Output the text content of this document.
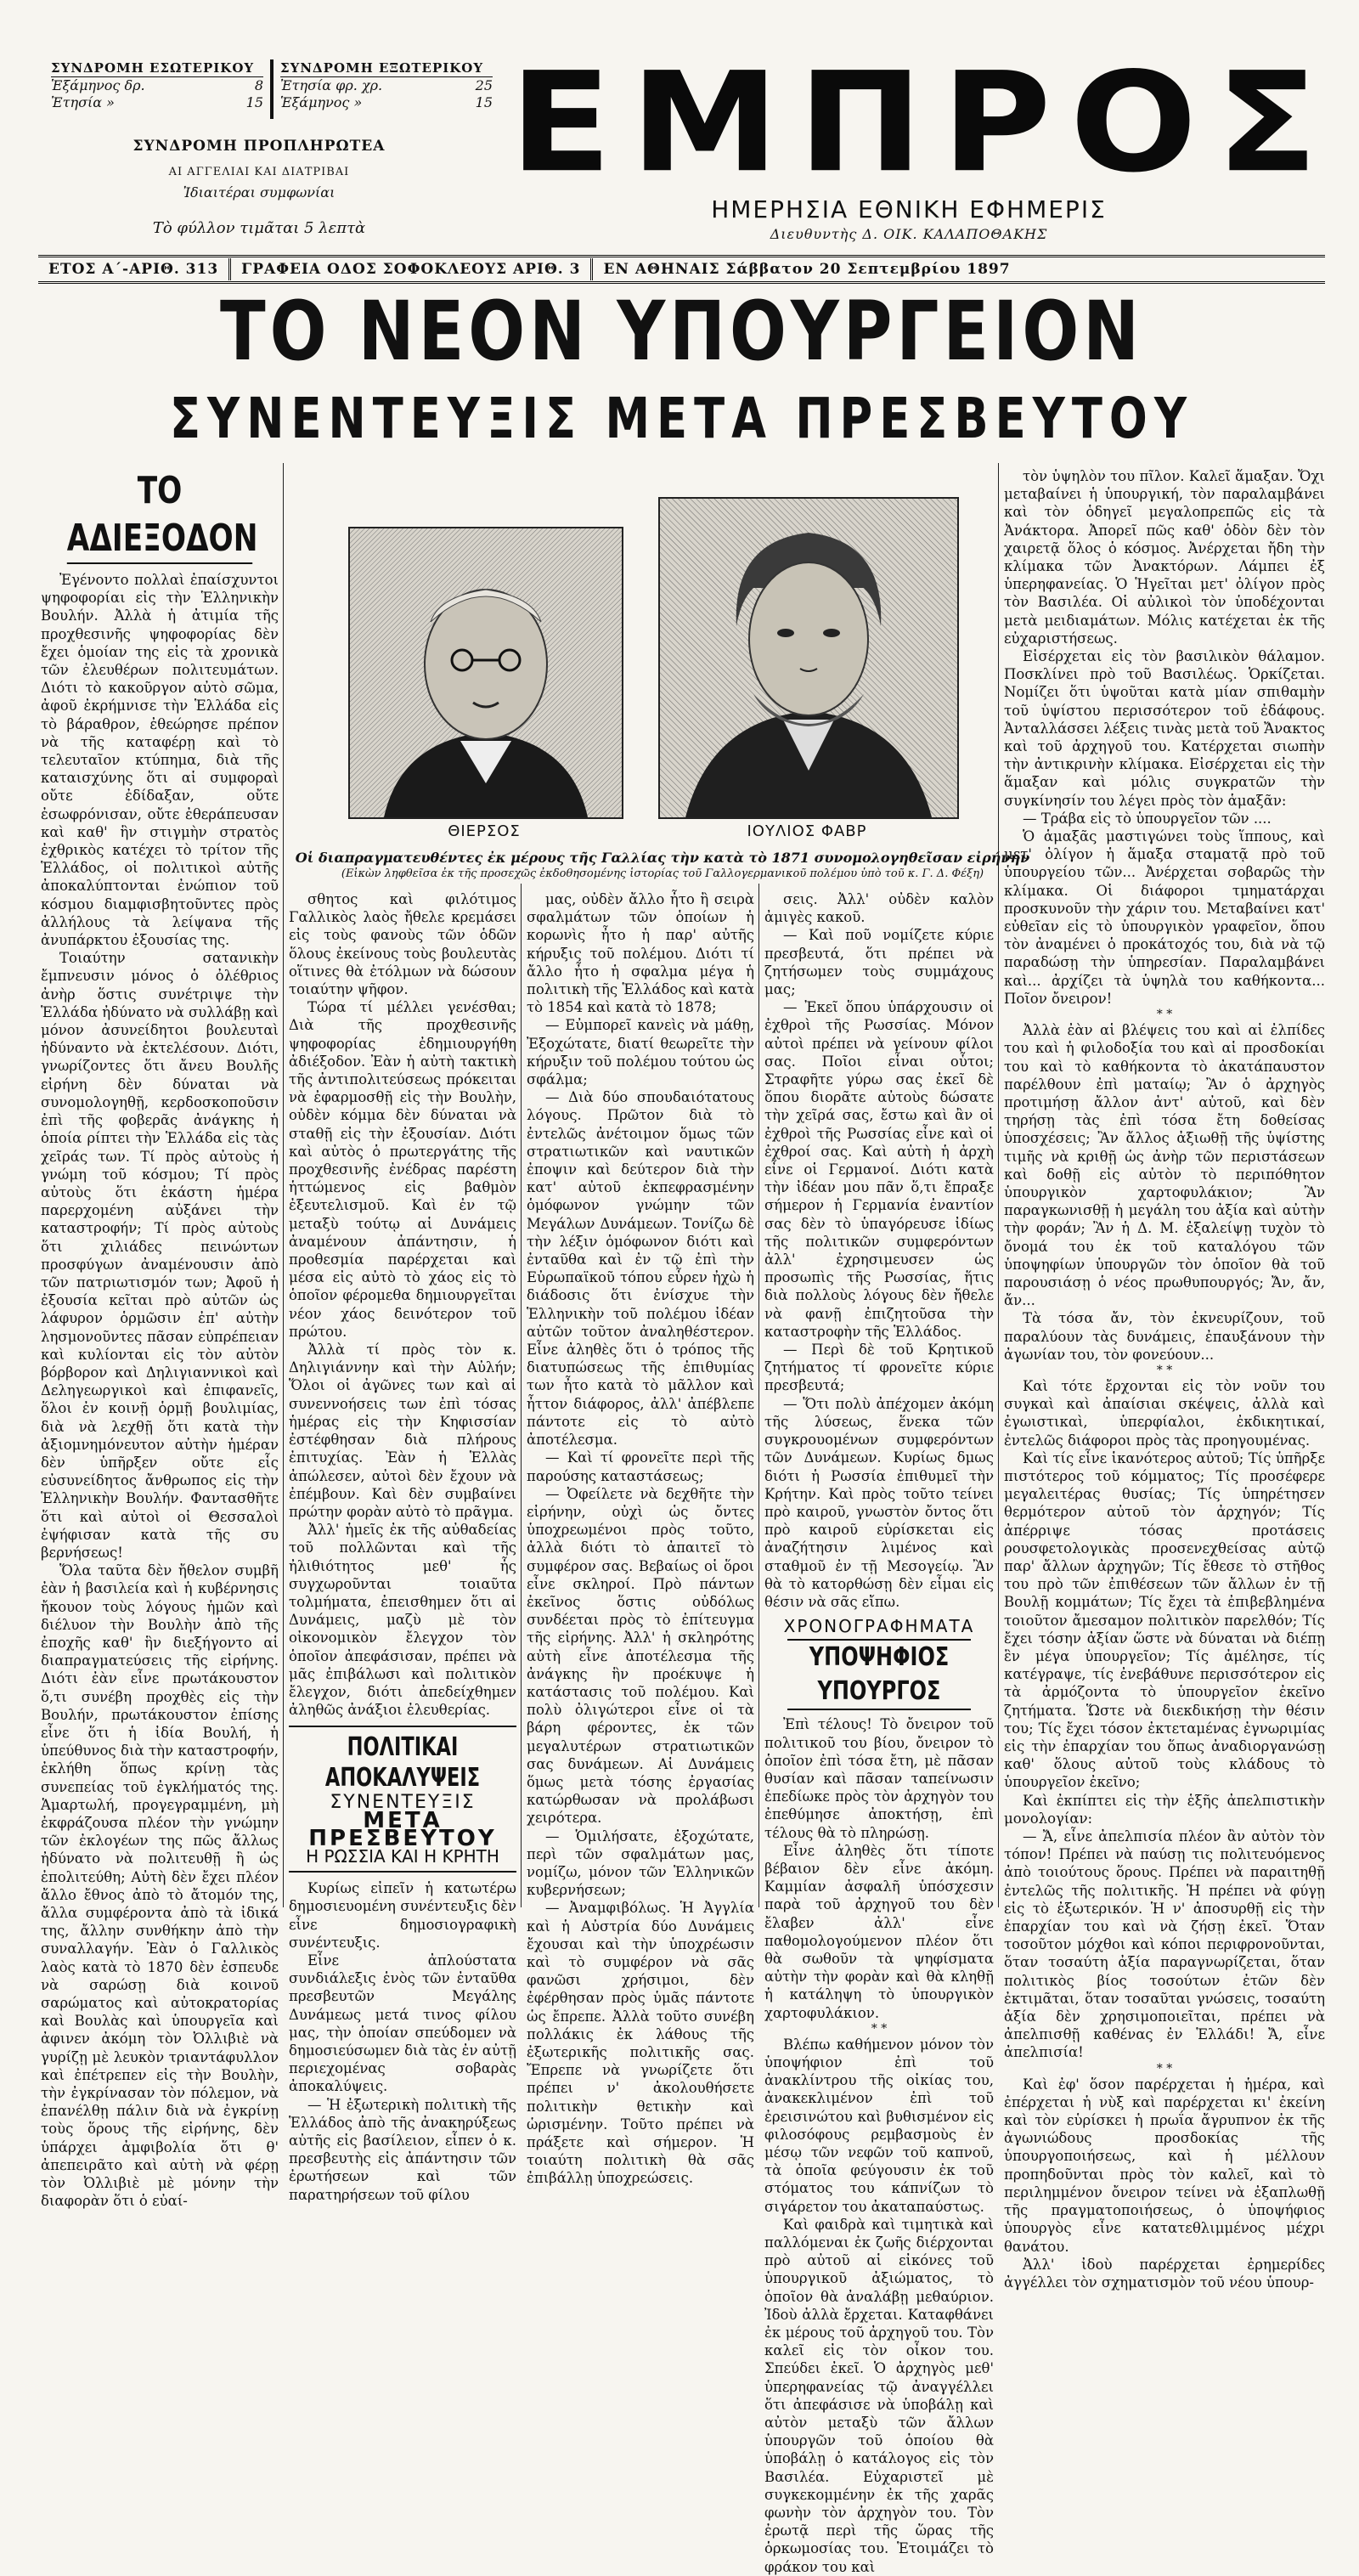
ΣΥΝΔΡΟΜΗ ΕΣΩΤΕΡΙΚΟΥ
Ἑξάμηνος δρ.	8
Ἐτησία »	15
ΣΥΝΔΡΟΜΗ ΕΞΩΤΕΡΙΚΟΥ
Ἐτησία φρ. χρ.	25
Ἑξάμηνος »	15
ΣΥΝΔΡΟΜΗ ΠΡΟΠΛΗΡΩΤΕΑ
ΑΙ ΑΓΓΕΛΙΑΙ ΚΑΙ ΔΙΑΤΡΙΒΑΙ
Ἰδιαιτέραι συμφωνίαι
Τὸ φύλλον τιμᾶται 5 λεπτὰ
ΕΜΠΡΟΣ
ΗΜΕΡΗΣΙΑ ΕΘΝΙΚΗ ΕΦΗΜΕΡΙΣ
Διευθυντὴς Δ. ΟΙΚ. ΚΑΛΑΠΟΘΑΚΗΣ
ΕΤΟΣ Α΄-ΑΡΙΘ. 313	ΓΡΑΦΕΙΑ ΟΔΟΣ ΣΟΦΟΚΛΕΟΥΣ ΑΡΙΘ. 3	ΕΝ ΑΘΗΝΑΙΣ Σάββατον 20 Σεπτεμβρίου 1897
ΤΟ ΝΕΟΝ ΥΠΟΥΡΓΕΙΟΝ
ΣΥΝΕΝΤΕΥΞΙΣ ΜΕΤΑ ΠΡΕΣΒΕΥΤΟΥ
ΤΟ ΑΔΙΕΞΟΔΟΝ

Ἐγένοντο πολλαὶ ἐπαίσχυντοι ψηφοφορίαι εἰς τὴν Ἑλληνικὴν Βουλήν. Ἀλλὰ ἡ ἀτιμία τῆς προχθεσινῆς ψηφοφορίας δὲν ἔχει ὁμοίαν της εἰς τὰ χρονικὰ τῶν ἐλευθέρων πολιτευμάτων. Διότι τὸ κακοῦργον αὐτὸ σῶμα, ἀφοῦ ἐκρήμνισε τὴν Ἑλλάδα εἰς τὸ βάραθρον, ἐθεώρησε πρέπον νὰ τῆς καταφέρῃ καὶ τὸ τελευταῖον κτύπημα, διὰ τῆς καταισχύνης ὅτι αἱ συμφοραὶ οὔτε ἐδίδαξαν, οὔτε ἐσωφρόνισαν, οὔτε ἐθεράπευσαν καὶ καθ' ἣν στιγμὴν στρατὸς ἐχθρικὸς κατέχει τὸ τρίτον τῆς Ἑλλάδος, οἱ πολιτικοὶ αὐτῆς ἀποκαλύπτονται ἐνώπιον τοῦ κόσμου διαμφισβητοῦντες πρὸς ἀλλήλους τὰ λείψανα τῆς ἀνυπάρκτου ἐξουσίας της.

Τοιαύτην σατανικὴν ἔμπνευσιν μόνος ὁ ὀλέθριος ἀνὴρ ὅστις συνέτριψε τὴν Ἑλλάδα ἠδύνατο νὰ συλλάβῃ καὶ μόνον ἀσυνείδητοι βουλευταὶ ἠδύναντο νὰ ἐκτελέσουν. Διότι, γνωρίζοντες ὅτι ἄνευ Βουλῆς εἰρήνη δὲν δύναται νὰ συνομολογηθῇ, κερδοσκοποῦσιν ἐπὶ τῆς φοβερᾶς ἀνάγκης ἡ ὁποία ρίπτει τὴν Ἑλλάδα εἰς τὰς χεῖράς των. Τί πρὸς αὐτοὺς ἡ γνώμη τοῦ κόσμου; Τί πρὸς αὐτοὺς ὅτι ἑκάστη ἡμέρα παρερχομένη αὐξάνει τὴν καταστροφήν; Τί πρὸς αὐτοὺς ὅτι χιλιάδες πεινώντων προσφύγων ἀναμένουσιν ἀπὸ τῶν πατριωτισμόν των; Ἀφοῦ ἡ ἐξουσία κεῖται πρὸ αὐτῶν ὡς λάφυρον ὁρμῶσιν ἐπ' αὐτὴν λησμονοῦντες πᾶσαν εὐπρέπειαν καὶ κυλίονται εἰς τὸν αὐτὸν βόρβορον καὶ Δηλιγιαννικοὶ καὶ Δεληγεωργικοὶ καὶ ἐπιφανεῖς, ὅλοι ἐν κοινῇ ὁρμῇ βουλιμίας, διὰ νὰ λεχθῇ ὅτι κατὰ τὴν ἀξιομνημόνευτον αὐτὴν ἡμέραν δὲν ὑπῆρξεν οὔτε εἷς εὐσυνείδητος ἄνθρωπος εἰς τὴν Ἑλληνικὴν Βουλήν. Φαντασθῆτε ὅτι καὶ αὐτοὶ οἱ Θεσσαλοὶ ἐψήφισαν κατὰ τῆς συ βερνήσεως!

Ὅλα ταῦτα δὲν ἤθελον συμβῆ ἐὰν ἡ βασιλεία καὶ ἡ κυβέρνησις ἤκουον τοὺς λόγους ἡμῶν καὶ διέλυον τὴν Βουλὴν ἀπὸ τῆς ἐποχῆς καθ' ἣν διεξήγοντο αἱ διαπραγματεύσεις τῆς εἰρήνης. Διότι ἐὰν εἶνε πρωτάκουστον ὅ,τι συνέβη προχθὲς εἰς τὴν Βουλήν, πρωτάκουστον ἐπίσης εἶνε ὅτι ἡ ἰδία Βουλή, ἡ ὑπεύθυνος διὰ τὴν καταστροφήν, ἐκλήθη ὅπως κρίνῃ τὰς συνεπείας τοῦ ἐγκλήματός της. Ἁμαρτωλή, προγεγραμμένη, μὴ ἐκφράζουσα πλέον τὴν γνώμην τῶν ἐκλογέων της πῶς ἄλλως ἠδύνατο νὰ πολιτευθῇ ἢ ὡς ἐπολιτεύθη; Αὐτὴ δὲν ἔχει πλέον ἄλλο ἔθνος ἀπὸ τὸ ἄτομόν της, ἄλλα συμφέροντα ἀπὸ τὰ ἰδικά της, ἄλλην συνθήκην ἀπὸ τὴν συναλλαγήν. Ἐὰν ὁ Γαλλικὸς λαὸς κατὰ τὸ 1870 δὲν ἐσπευδε νὰ σαρώσῃ διὰ κοινοῦ σαρώματος καὶ αὐτοκρατορίας καὶ Βουλὰς καὶ ὑπουργεῖα καὶ ἀφινεν ἀκόμη τὸν Ὀλλιβιὲ νὰ γυρίζῃ μὲ λευκὸν τριαντάφυλλον καὶ ἐπέτρεπεν εἰς τὴν Βουλὴν, τὴν ἐγκρίνασαν τὸν πόλεμον, νὰ ἐπανέλθῃ πάλιν διὰ νὰ ἐγκρίνῃ τοὺς ὅρους τῆς εἰρήνης, δὲν ὑπάρχει ἀμφιβολία ὅτι θ' ἀπεπειρᾶτο καὶ αὐτὴ νὰ φέρῃ τὸν Ὀλλιβιὲ μὲ μόνην τὴν διαφορὰν ὅτι ὁ εὐαί-

ΘΙΕΡΣΟΣ	ΙΟΥΛΙΟΣ ΦΑΒΡ
Οἱ διαπραγματευθέντες ἐκ μέρους τῆς Γαλλίας τὴν κατὰ τὸ 1871 συνομολογηθεῖσαν εἰρήνην
(Εἰκὼν ληφθεῖσα ἐκ τῆς προσεχῶς ἐκδοθησομένης ἱστορίας τοῦ Γαλλογερμανικοῦ πολέμου ὑπὸ τοῦ κ. Γ. Δ. Φέξη)

σθητος καὶ φιλότιμος Γαλλικὸς λαὸς ἤθελε κρεμάσει εἰς τοὺς φανοὺς τῶν ὁδῶν ὅλους ἐκείνους τοὺς βουλευτὰς οἵτινες θὰ ἐτόλμων νὰ δώσουν τοιαύτην ψῆφον.

Τώρα τί μέλλει γενέσθαι; Διὰ τῆς προχθεσινῆς ψηφοφορίας ἐδημιουργήθη ἀδιέξοδον. Ἐὰν ἡ αὐτὴ τακτικὴ τῆς ἀντιπολιτεύσεως πρόκειται νὰ ἐφαρμοσθῇ εἰς τὴν Βουλὴν, οὐδὲν κόμμα δὲν δύναται νὰ σταθῇ εἰς τὴν ἐξουσίαν. Διότι καὶ αὐτὸς ὁ πρωτεργάτης τῆς προχθεσινῆς ἐνέδρας παρέστη ἡττώμενος εἰς βαθμὸν ἐξευτελισμοῦ. Καὶ ἐν τῷ μεταξὺ τούτῳ αἱ Δυνάμεις ἀναμένουν ἀπάντησιν, ἡ προθεσμία παρέρχεται καὶ μέσα εἰς αὐτὸ τὸ χάος εἰς τὸ ὁποῖον φέρομεθα δημιουργεῖται νέον χάος δεινότερον τοῦ πρώτου.

Ἀλλὰ τί πρὸς τὸν κ. Δηλιγιάννην καὶ τὴν Αὐλήν; Ὅλοι οἱ ἀγῶνες των καὶ αἱ συνεννοήσεις των ἐπὶ τόσας ἡμέρας εἰς τὴν Κηφισσίαν ἐστέφθησαν διὰ πλήρους ἐπιτυχίας. Ἐὰν ἡ Ἑλλὰς ἀπώλεσεν, αὐτοὶ δὲν ἔχουν νὰ ἐπέμβουν. Καὶ δὲν συμβαίνει πρώτην φορὰν αὐτὸ τὸ πρᾶγμα.

Ἀλλ' ἡμεῖς ἐκ τῆς αὐθαδείας τοῦ πολλῶνται καὶ τῆς ἠλιθιότητος μεθ' ἧς συγχωροῦνται τοιαῦτα τολμήματα, ἐπεισθημεν ὅτι αἱ Δυνάμεις, μαζὺ μὲ τὸν οἰκονομικὸν ἔλεγχον τὸν ὁποῖον ἀπεφάσισαν, πρέπει νὰ μᾶς ἐπιβάλωσι καὶ πολιτικὸν ἔλεγχον, διότι ἀπεδείχθημεν ἀληθῶς ἀνάξιοι ἐλευθερίας.

ΠΟΛΙΤΙΚΑΙ ΑΠΟΚΑΛΥΨΕΙΣ
ΣΥΝΕΝΤΕΥΞΙΣ
ΜΕΤΑ ΠΡΕΣΒΕΥΤΟΥ
Η ΡΩΣΣΙΑ ΚΑΙ Η ΚΡΗΤΗ

Κυρίως εἰπεῖν ἡ κατωτέρω δημοσιευομένη συνέντευξις δὲν εἶνε δημοσιογραφικὴ συνέντευξις.

Εἶνε ἀπλούστατα συνδιάλεξις ἑνὸς τῶν ἐνταῦθα πρεσβευτῶν Μεγάλης Δυνάμεως μετά τινος φίλου μας, τὴν ὁποίαν σπεύδομεν νὰ δημοσιεύσωμεν διὰ τὰς ἐν αὐτῇ περιεχομένας σοβαρὰς ἀποκαλύψεις.

— Ἡ ἐξωτερικὴ πολιτικὴ τῆς Ἑλλάδος ἀπὸ τῆς ἀνακηρύξεως αὐτῆς εἰς βασίλειον, εἶπεν ὁ κ. πρεσβευτὴς εἰς ἀπάντησιν τῶν ἐρωτήσεων καὶ τῶν παρατηρήσεων τοῦ φίλου

μας, οὐδὲν ἄλλο ἦτο ἢ σειρὰ σφαλμάτων τῶν ὁποίων ἡ κορωνὶς ἦτο ἡ παρ' αὐτῆς κήρυξις τοῦ πολέμου. Διότι τί ἄλλο ἦτο ἡ σφαλμα μέγα ἡ πολιτικὴ τῆς Ἑλλάδος καὶ κατὰ τὸ 1854 καὶ κατὰ τὸ 1878;

— Εὐμπορεῖ κανεὶς νὰ μάθῃ, Ἐξοχώτατε, διατί θεωρεῖτε τὴν κήρυξιν τοῦ πολέμου τούτου ὡς σφάλμα;

— Διὰ δύο σπουδαιότατους λόγους. Πρῶτον διὰ τὸ ἐντελῶς ἀνέτοιμον ὅμως τῶν στρατιωτικῶν καὶ ναυτικῶν ἐποψιν καὶ δεύτερον διὰ τὴν κατ' αὐτοῦ ἐκπεφρασμένην ὁμόφωνον γνώμην τῶν Μεγάλων Δυνάμεων. Τονίζω δὲ τὴν λέξιν ὁμόφωνον διότι καὶ ἐνταῦθα καὶ ἐν τῷ ἐπὶ τὴν Εὐρωπαϊκοῦ τόπου εὗρεν ἠχὼ ἡ διάδοσις ὅτι ἐνίσχυε τὴν Ἑλληνικὴν τοῦ πολέμου ἰδέαν αὐτῶν τοῦτον ἀναληθέστερον. Εἶνε ἀληθὲς ὅτι ὁ τρόπος τῆς διατυπώσεως τῆς ἐπιθυμίας των ἦτο κατὰ τὸ μᾶλλον καὶ ἦττον διάφορος, ἀλλ' ἀπέβλεπε πάντοτε εἰς τὸ αὐτὸ ἀποτέλεσμα.

— Καὶ τί φρονεῖτε περὶ τῆς παρούσης καταστάσεως;

— Ὀφείλετε νὰ δεχθῆτε τὴν εἰρήνην, οὐχὶ ὡς ὄντες ὑποχρεωμένοι πρὸς τοῦτο, ἀλλὰ διότι τὸ ἀπαιτεῖ τὸ συμφέρον σας. Βεβαίως οἱ ὅροι εἶνε σκληροί. Πρὸ πάντων ἐκεῖνος ὅστις οὐδόλως συνδέεται πρὸς τὸ ἐπίτευγμα τῆς εἰρήνης. Ἀλλ' ἡ σκληρότης αὐτὴ εἶνε ἀποτέλεσμα τῆς ἀνάγκης ἣν προέκυψε ἡ κατάστασις τοῦ πολέμου. Καὶ πολὺ ὀλιγώτεροι εἶνε οἱ τὰ βάρη φέροντες, ἐκ τῶν μεγαλυτέρων στρατιωτικῶν σας δυνάμεων. Αἱ Δυνάμεις ὅμως μετὰ τόσης ἐργασίας κατώρθωσαν νὰ προλάβωσι χειρότερα.

— Ὁμιλήσατε, ἐξοχώτατε, περὶ τῶν σφαλμάτων μας, νομίζω, μόνον τῶν Ἑλληνικῶν κυβερνήσεων;

— Ἀναμφιβόλως. Ἡ Ἀγγλία καὶ ἡ Αὐστρία δύο Δυνάμεις ἔχουσαι καὶ τὴν ὑποχρέωσιν καὶ τὸ συμφέρον νὰ σᾶς φανῶσι χρήσιμοι, δὲν ἐφέρθησαν πρὸς ὑμᾶς πάντοτε ὡς ἔπρεπε. Ἀλλὰ τοῦτο συνέβη πολλάκις ἐκ λάθους τῆς ἐξωτερικῆς πολιτικῆς σας. Ἔπρεπε νὰ γνωρίζετε ὅτι πρέπει ν' ἀκολουθήσετε πολιτικὴν θετικὴν καὶ ὡρισμένην. Τοῦτο πρέπει νὰ πράξετε καὶ σήμερον. Ἡ τοιαύτη πολιτικὴ θὰ σᾶς ἐπιβάλλῃ ὑποχρεώσεις.

σεις. Ἀλλ' οὐδὲν καλὸν ἀμιγὲς κακοῦ.

— Καὶ ποῦ νομίζετε κύριε πρεσβευτά, ὅτι πρέπει νὰ ζητήσωμεν τοὺς συμμάχους μας;

— Ἐκεῖ ὅπου ὑπάρχουσιν οἱ ἐχθροὶ τῆς Ρωσσίας. Μόνον αὐτοὶ πρέπει νὰ γείνουν φίλοι σας. Ποῖοι εἶναι οὗτοι; Στραφῆτε γύρω σας ἐκεῖ δὲ ὅπου διορᾶτε αὐτοὺς δώσατε τὴν χεῖρά σας, ἔστω καὶ ἂν οἱ ἐχθροὶ τῆς Ρωσσίας εἶνε καὶ οἱ ἐχθροί σας. Καὶ αὐτὴ ἡ ἀρχὴ εἶνε οἱ Γερμανοί. Διότι κατὰ τὴν ἰδέαν μου πᾶν ὅ,τι ἔπραξε σήμερον ἡ Γερμανία ἐναντίον σας δὲν τὸ ὑπαγόρευσε ἰδίως τῆς πολιτικῶν συμφερόντων ἀλλ' ἐχρησιμευσεν ὡς προσωπὶς τῆς Ρωσσίας, ἥτις διὰ πολλοὺς λόγους δὲν ἤθελε νὰ φανῇ ἐπιζητοῦσα τὴν καταστροφὴν τῆς Ἑλλάδος.

— Περὶ δὲ τοῦ Κρητικοῦ ζητήματος τί φρονεῖτε κύριε πρεσβευτά;

— Ὅτι πολὺ ἀπέχομεν ἀκόμη τῆς λύσεως, ἕνεκα τῶν συγκρουομένων συμφερόντων τῶν Δυνάμεων. Κυρίως δμως διότι ἡ Ρωσσία ἐπιθυμεῖ τὴν Κρήτην. Καὶ πρὸς τοῦτο τείνει πρὸ καιροῦ, γνωστὸν ὄντος ὅτι πρὸ καιροῦ εὑρίσκεται εἰς ἀναζήτησιν λιμένος καὶ σταθμοῦ ἐν τῇ Μεσογείῳ. Ἂν θὰ τὸ κατορθώσῃ δὲν εἶμαι εἰς θέσιν νὰ σᾶς εἴπω.

ΧΡΟΝΟΓΡΑΦΗΜΑΤΑ
ΥΠΟΨΗΦΙΟΣ ΥΠΟΥΡΓΟΣ

Ἐπὶ τέλους! Τὸ ὄνειρον τοῦ πολιτικοῦ του βίου, ὄνειρον τὸ ὁποῖον ἐπὶ τόσα ἔτη, μὲ πᾶσαν θυσίαν καὶ πᾶσαν ταπείνωσιν ἐπεδίωκε πρὸς τὸν ἀρχηγὸν του ἐπεθύμησε ἀποκτήσῃ, ἐπὶ τέλους θὰ τὸ πληρώσῃ.

Εἶνε ἀληθὲς ὅτι τίποτε βέβαιον δὲν εἶνε ἀκόμη. Καμμίαν ἀσφαλῆ ὑπόσχεσιν παρὰ τοῦ ἀρχηγοῦ του δὲν ἔλαβεν ἀλλ' εἶνε παθομολογούμενον πλέον ὅτι θὰ σωθοῦν τὰ ψηφίσματα αὐτὴν τὴν φορὰν καὶ θὰ κληθῇ ἡ κατάληψη τὸ ὑπουργικὸν χαρτοφυλάκιον.

* *

Βλέπω καθήμενον μόνον τὸν ὑποψήφιον ἐπὶ τοῦ ἀνακλίντρου τῆς οἰκίας του, ἀνακεκλιμένον ἐπὶ τοῦ ἐρεισινώτου καὶ βυθισμένον εἰς φιλοσόφους ρεμβασμοὺς ἐν μέσῳ τῶν νεφῶν τοῦ καπνοῦ, τὰ ὁποῖα φεύγουσιν ἐκ τοῦ στόματος του κάπνίζων τὸ σιγάρετον του ἀκαταπαύστως.

Καὶ φαιδρὰ καὶ τιμητικὰ καὶ παλλόμεναι ἐκ ζωῆς διέρχονται πρὸ αὐτοῦ αἱ εἰκόνες τοῦ ὑπουργικοῦ ἀξιώματος, τὸ ὁποῖον θὰ ἀναλάβῃ μεθαύριον. Ἰδοὺ ἀλλὰ ἔρχεται. Καταφθάνει ἐκ μέρους τοῦ ἀρχηγοῦ του. Τὸν καλεῖ εἰς τὸν οἶκον του. Σπεύδει ἐκεῖ. Ὁ ἀρχηγὸς μεθ' ὑπερηφανείας τῷ ἀναγγέλλει ὅτι ἀπεφάσισε νὰ ὑποβάλῃ καὶ αὐτὸν μεταξὺ τῶν ἄλλων ὑπουργῶν τοῦ ὁποίου θὰ ὑποβάλῃ ὁ κατάλογος εἰς τὸν Βασιλέα. Εὐχαριστεῖ μὲ συγκεκομμένην ἐκ τῆς χαρᾶς φωνὴν τὸν ἀρχηγὸν του. Τὸν ἐρωτᾷ περὶ τῆς ὥρας τῆς ὁρκωμοσίας του. Ἑτοιμάζει τὸ φράκον του καὶ

τὸν ὑψηλὸν του πῖλον. Καλεῖ ἅμαξαν. Ὄχι μεταβαίνει ἡ ὑπουργική, τὸν παραλαμβάνει καὶ τὸν ὁδηγεῖ μεγαλοπρεπῶς εἰς τὰ Ἀνάκτορα. Ἀπορεῖ πῶς καθ' ὁδὸν δὲν τὸν χαιρετᾷ ὅλος ὁ κόσμος. Ἀνέρχεται ἤδη τὴν κλίμακα τῶν Ἀνακτόρων. Λάμπει ἐξ ὑπερηφανείας. Ὁ Ἡγεῖται μετ' ὀλίγον πρὸς τὸν Βασιλέα. Οἱ αὐλικοὶ τὸν ὑποδέχονται μετὰ μειδιαμάτων. Μόλις κατέχεται ἐκ τῆς εὐχαριστήσεως.

Εἰσέρχεται εἰς τὸν βασιλικὸν θάλαμον. Ποσκλίνει πρὸ τοῦ Βασιλέως. Ὁρκίζεται. Νομίζει ὅτι ὑψοῦται κατὰ μίαν σπιθαμὴν τοῦ ὑψίστου περισσότερον τοῦ ἐδάφους. Ἀνταλλάσσει λέξεις τινὰς μετὰ τοῦ Ἄνακτος καὶ τοῦ ἀρχηγοῦ του. Κατέρχεται σιωπὴν τὴν ἀντικρινὴν κλίμακα. Εἰσέρχεται εἰς τὴν ἅμαξαν καὶ μόλις συγκρατῶν τὴν συγκίνησίν του λέγει πρὸς τὸν ἁμαξᾶν:

— Τράβα εἰς τὸ ὑπουργεῖον τῶν ....

Ὁ ἁμαξᾶς μαστιγώνει τοὺς ἵππους, καὶ μετ' ὀλίγον ἡ ἅμαξα σταματᾷ πρὸ τοῦ ὑπουργείου τῶν... Ἀνέρχεται σοβαρῶς τὴν κλίμακα. Οἱ διάφοροι τμηματάρχαι προσκυνοῦν τὴν χάριν του. Μεταβαίνει κατ' εὐθεῖαν εἰς τὸ ὑπουργικὸν γραφεῖον, ὅπου τὸν ἀναμένει ὁ προκάτοχός του, διὰ νὰ τῷ παραδώσῃ τὴν ὑπηρεσίαν. Παραλαμβάνει καὶ... ἀρχίζει τὰ ὑψηλὰ του καθήκοντα... Ποῖον ὄνειρον!

* *

Ἀλλὰ ἐὰν αἱ βλέψεις του καὶ αἱ ἐλπίδες του καὶ ἡ φιλοδοξία του καὶ αἱ προσδοκίαι του καὶ τὸ καθήκοντα τὸ ἀκατάπαυστον παρέλθουν ἐπὶ ματαίῳ; Ἂν ὁ ἀρχηγὸς προτιμήσῃ ἄλλον ἀντ' αὐτοῦ, καὶ δὲν τηρήσῃ τὰς ἐπὶ τόσα ἔτη δοθείσας ὑποσχέσεις; Ἂν ἄλλος ἀξιωθῇ τῆς ὑψίστης τιμῆς νὰ κριθῇ ὡς ἀνὴρ τῶν περιστάσεων καὶ δοθῇ εἰς αὐτὸν τὸ περιπόθητον ὑπουργικὸν χαρτοφυλάκιον; Ἂν παραγκωνισθῇ ἡ μεγάλη του ἀξία καὶ αὐτὴν τὴν φοράν; Ἂν ἡ Δ. Μ. ἐξαλείψῃ τυχὸν τὸ ὄνομά του ἐκ τοῦ καταλόγου τῶν ὑποψηφίων ὑπουργῶν τὸν ὁποῖον θὰ τοῦ παρουσιάσῃ ὁ νέος πρωθυπουργός; Ἄν, ἄν, ἄν...

Τὰ τόσα ἄν, τὸν ἐκνευρίζουν, τοῦ παραλύουν τὰς δυνάμεις, ἐπαυξάνουν τὴν ἀγωνίαν του, τὸν φονεύουν...

* *

Καὶ τότε ἔρχονται εἰς τὸν νοῦν του συγκαὶ καὶ ἀπαίσιαι σκέψεις, ἀλλὰ καὶ ἐγωιστικαὶ, ὑπερφίαλοι, ἐκδικητικαί, ἐντελῶς διάφοροι πρὸς τὰς προηγουμένας.

Καὶ τίς εἶνε ἱκανότερος αὐτοῦ; Τίς ὑπῆρξε πιστότερος τοῦ κόμματος; Τίς προσέφερε μεγαλειτέρας θυσίας; Τίς ὑπηρέτησεν θερμότερον αὐτοῦ τὸν ἀρχηγόν; Τίς ἀπέρριψε τόσας προτάσεις ρουσφετολογικὰς προσενεχθείσας αὐτῷ παρ' ἄλλων ἀρχηγῶν; Τίς ἔθεσε τὸ στῆθος του πρὸ τῶν ἐπιθέσεων τῶν ἄλλων ἐν τῇ Βουλῇ κομμάτων; Τίς ἔχει τὰ ἐπιβεβλημένα τοιοῦτον ἄμεσαμον πολιτικὸν παρελθόν; Τίς ἔχει τόσην ἀξίαν ὥστε νὰ δύναται νὰ διέπῃ ἓν μέγα ὑπουργεῖον; Τίς ἀμέλησε, τίς κατέγραψε, τίς ἐνεβάθυνε περισσότερον εἰς τὰ ἀρμόζοντα τὸ ὑπουργεῖον ἐκεῖνο ζητήματα. Ὥστε νὰ διεκδικήσῃ τὴν θέσιν του; Τίς ἔχει τόσον ἐκτεταμένας ἐγνωριμίας εἰς τὴν ἐπαρχίαν του ὅπως ἀναδιοργανώσῃ καθ' ὅλους αὐτοῦ τοὺς κλάδους τὸ ὑπουργεῖον ἐκεῖνο;

Καὶ ἐκπίπτει εἰς τὴν ἑξῆς ἀπελπιστικὴν μονολογίαν:

— Ἄ, εἶνε ἀπελπισία πλέον ἂν αὐτὸν τὸν τόπον! Πρέπει νὰ παύσῃ τις πολιτευόμενος ἀπὸ τοιούτους ὅρους. Πρέπει νὰ παραιτηθῇ ἐντελῶς τῆς πολιτικῆς. Ἡ πρέπει νὰ φύγῃ εἰς τὸ ἐξωτερικόν. Ἡ ν' ἀποσυρθῇ εἰς τὴν ἐπαρχίαν του καὶ νὰ ζήσῃ ἐκεῖ. Ὅταν τοσοῦτον μόχθοι καὶ κόποι περιφρονοῦνται, ὅταν τοσαύτη ἀξία παραγνωρίζεται, ὅταν πολιτικὸς βίος τοσούτων ἐτῶν δὲν ἐκτιμᾶται, ὅταν τοσαῦται γνώσεις, τοσαύτη ἀξία δὲν χρησιμοποιεῖται, πρέπει νὰ ἀπελπισθῇ καθένας ἐν Ἑλλάδι! Ἄ, εἶνε ἀπελπισία!

* *

Καὶ ἐφ' ὅσον παρέρχεται ἡ ἡμέρα, καὶ ἐπέρχεται ἡ νὺξ καὶ παρέρχεται κι' ἐκείνη καὶ τὸν εὑρίσκει ἡ πρωΐα ἄγρυπνον ἐκ τῆς ἀγωνιώδους προσδοκίας τῆς ὑπουργοποιήσεως, καὶ ἡ μέλλουν προπηδοῦνται πρὸς τὸν καλεῖ, καὶ τὸ περιλημμένον ὄνειρον τείνει νὰ ἐξαπλωθῇ τῆς πραγματοποιήσεως, ὁ ὑποψήφιος ὑπουργὸς εἶνε κατατεθλιμμένος μέχρι θανάτου.

Ἀλλ' ἰδοὺ παρέρχεται ἐρημερίδες ἀγγέλλει τὸν σχηματισμὸν τοῦ νέου ὑπουρ-
